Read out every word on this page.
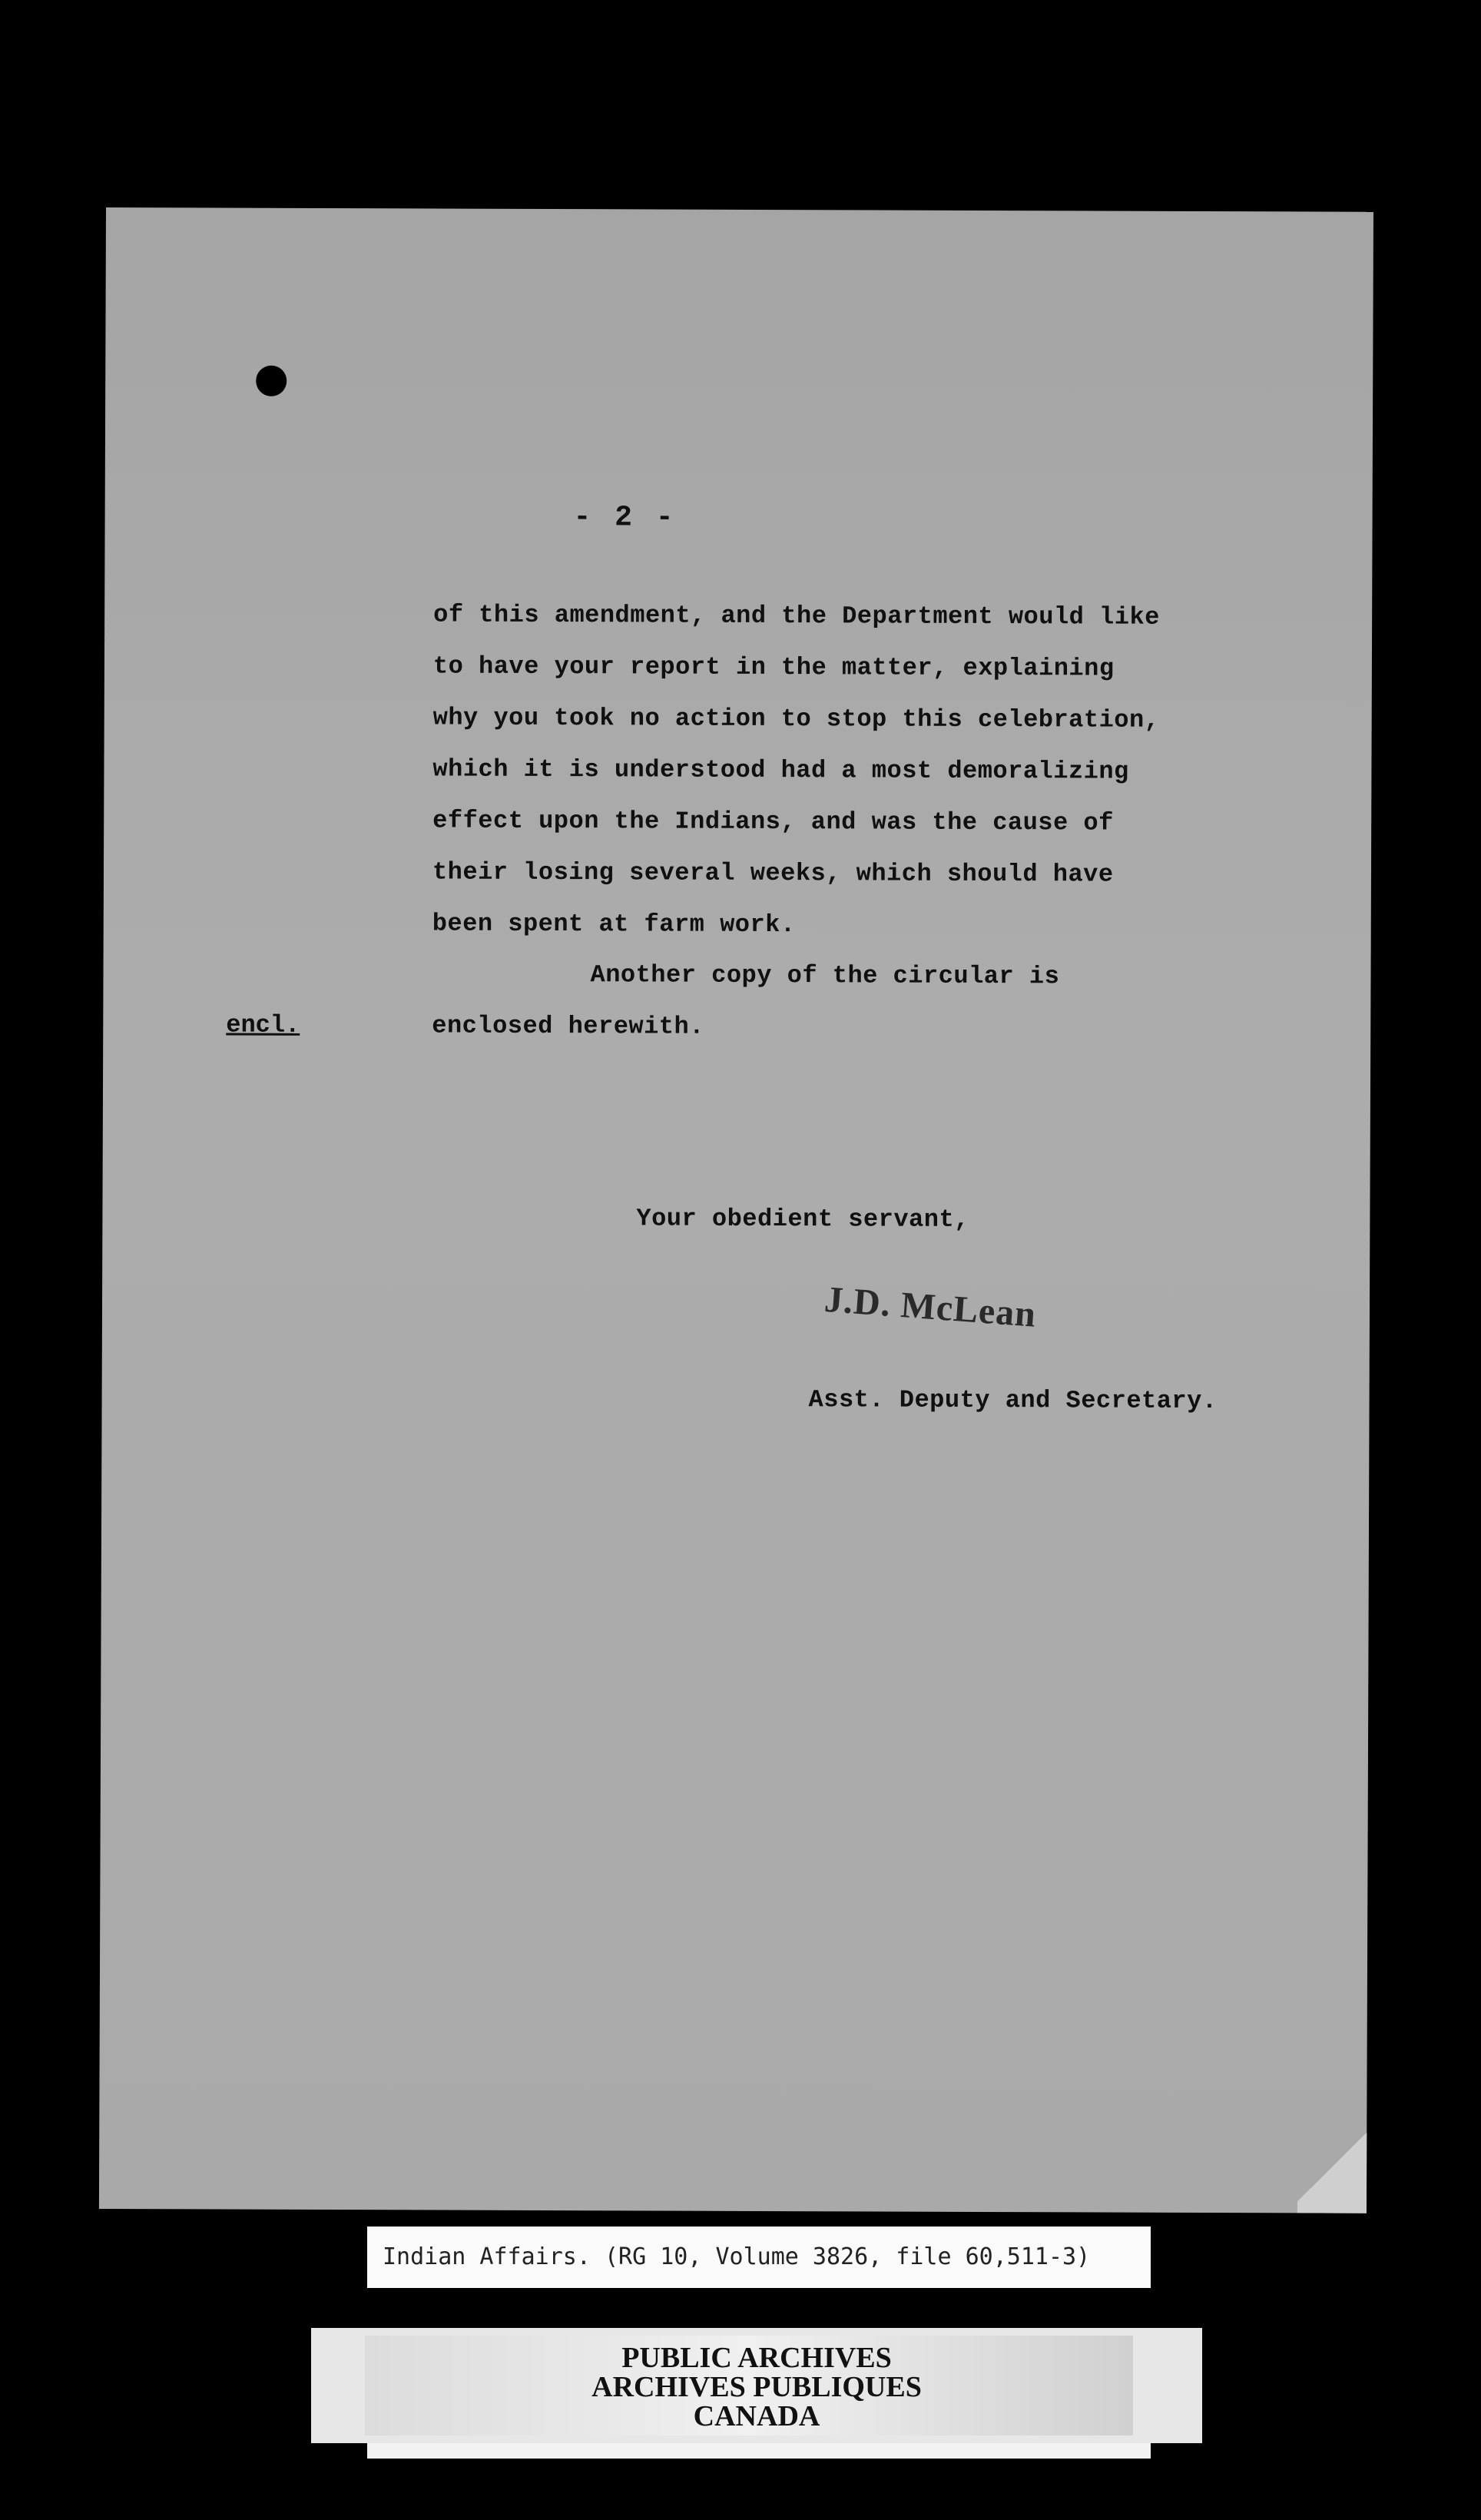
- 2 -
of this amendment, and the Department would like
to have your report in the matter, explaining
why you took no action to stop this celebration,
which it is understood had a most demoralizing
effect upon the Indians, and was the cause of
their losing several weeks, which should have
been spent at farm work.
Another copy of the circular is
enclosed herewith.
encl.
Your obedient servant,
J.D. McLean
Asst. Deputy and Secretary.
Indian Affairs. (RG 10, Volume 3826, file 60,511-3)
PUBLIC ARCHIVES
ARCHIVES PUBLIQUES
CANADA
